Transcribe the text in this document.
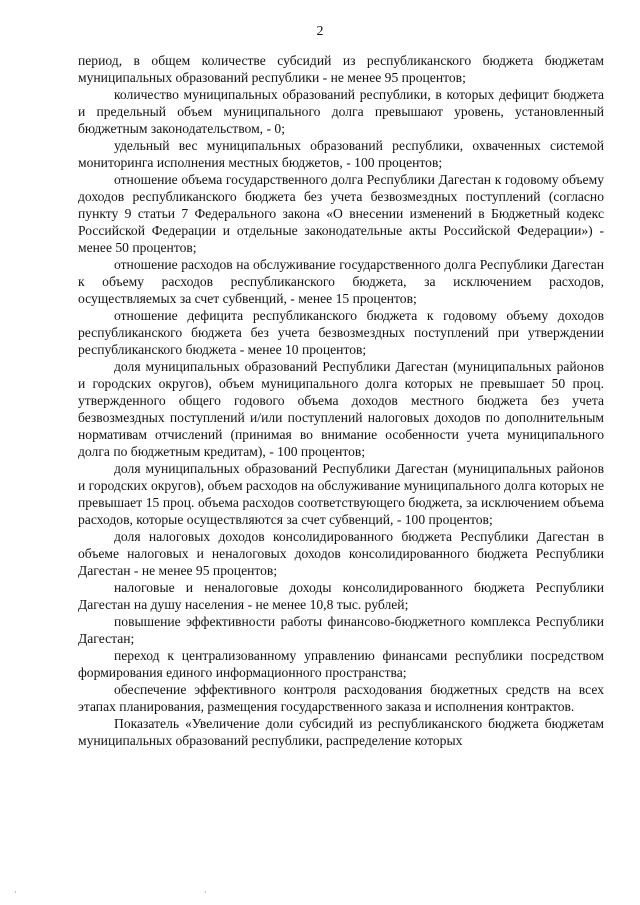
2

период, в общем количестве субсидий из республиканского бюджета бюджетам муниципальных образований республики - не менее 95 процентов;

количество муниципальных образований республики, в которых дефицит бюджета и предельный объем муниципального долга превышают уровень, установленный бюджетным законодательством, - 0;

удельный вес муниципальных образований республики, охваченных системой мониторинга исполнения местных бюджетов, - 100 процентов;

отношение объема государственного долга Республики Дагестан к годовому объему доходов республиканского бюджета без учета безвозмездных поступлений (согласно пункту 9 статьи 7 Федерального закона «О внесении изменений в Бюджетный кодекс Российской Федерации и отдельные законодательные акты Российской Федерации») - менее 50 процентов;

отношение расходов на обслуживание государственного долга Республики Дагестан к объему расходов республиканского бюджета, за исключением расходов, осуществляемых за счет субвенций, - менее 15 процентов;

отношение дефицита республиканского бюджета к годовому объему доходов республиканского бюджета без учета безвозмездных поступлений при утверждении республиканского бюджета - менее 10 процентов;

доля муниципальных образований Республики Дагестан (муниципальных районов и городских округов), объем муниципального долга которых не превышает 50 проц. утвержденного общего годового объема доходов местного бюджета без учета безвозмездных поступлений и/или поступлений налоговых доходов по дополнительным нормативам отчислений (принимая во внимание особенности учета муниципального долга по бюджетным кредитам), - 100 процентов;

доля муниципальных образований Республики Дагестан (муниципальных районов и городских округов), объем расходов на обслуживание муниципального долга которых не превышает 15 проц. объема расходов соответствующего бюджета, за исключением объема расходов, которые осуществляются за счет субвенций, - 100 процентов;

доля налоговых доходов консолидированного бюджета Республики Дагестан в объеме налоговых и неналоговых доходов консолидированного бюджета Республики Дагестан - не менее 95 процентов;

налоговые и неналоговые доходы консолидированного бюджета Республики Дагестан на душу населения - не менее 10,8 тыс. рублей;

повышение эффективности работы финансово-бюджетного комплекса Республики Дагестан;

переход к централизованному управлению финансами республики посредством формирования единого информационного пространства;

обеспечение эффективного контроля расходования бюджетных средств на всех этапах планирования, размещения государственного заказа и исполнения контрактов.

Показатель «Увеличение доли субсидий из республиканского бюджета бюджетам муниципальных образований республики, распределение которых

·
·
